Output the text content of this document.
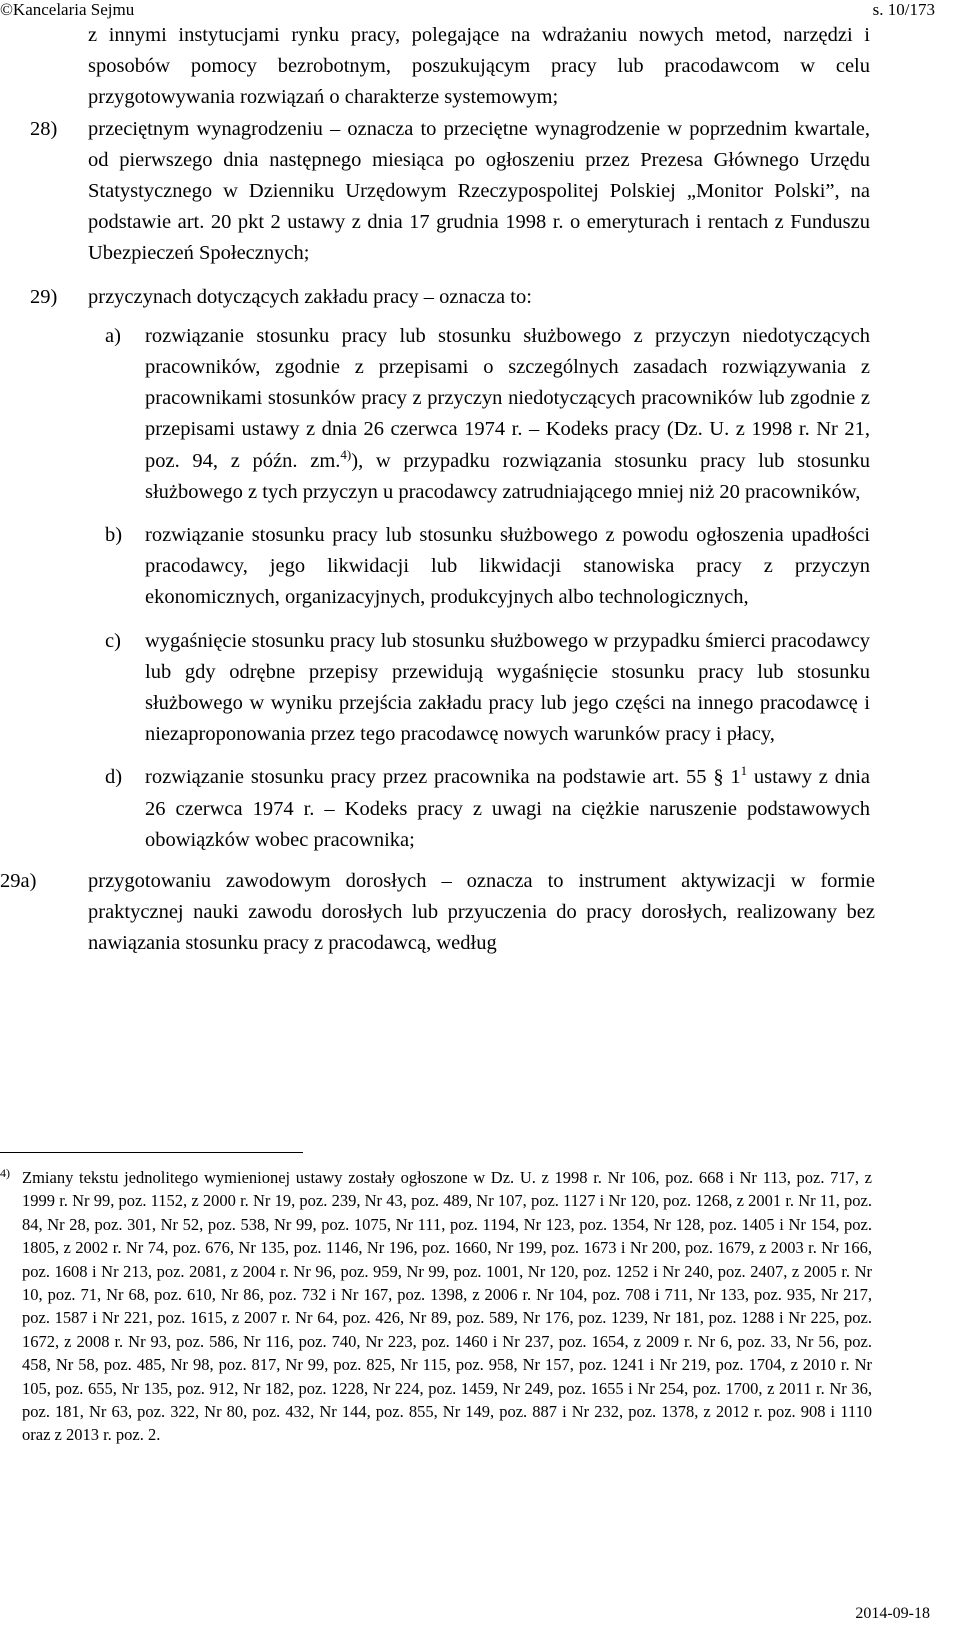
©Kancelaria Sejmu	s. 10/173
z innymi instytucjami rynku pracy, polegające na wdrażaniu nowych metod, narzędzi i sposobów pomocy bezrobotnym, poszukującym pracy lub pracodawcom w celu przygotowywania rozwiązań o charakterze systemowym;
28) przeciętnym wynagrodzeniu – oznacza to przeciętne wynagrodzenie w poprzednim kwartale, od pierwszego dnia następnego miesiąca po ogłoszeniu przez Prezesa Głównego Urzędu Statystycznego w Dzienniku Urzędowym Rzeczypospolitej Polskiej „Monitor Polski”, na podstawie art. 20 pkt 2 ustawy z dnia 17 grudnia 1998 r. o emeryturach i rentach z Funduszu Ubezpieczeń Społecznych;
29) przyczynach dotyczących zakładu pracy – oznacza to:
a) rozwiązanie stosunku pracy lub stosunku służbowego z przyczyn niedotyczących pracowników, zgodnie z przepisami o szczególnych zasadach rozwiązywania z pracownikami stosunków pracy z przyczyn niedotyczących pracowników lub zgodnie z przepisami ustawy z dnia 26 czerwca 1974 r. – Kodeks pracy (Dz. U. z 1998 r. Nr 21, poz. 94, z późn. zm.$^{4)}$), w przypadku rozwiązania stosunku pracy lub stosunku służbowego z tych przyczyn u pracodawcy zatrudniającego mniej niż 20 pracowników,
b) rozwiązanie stosunku pracy lub stosunku służbowego z powodu ogłoszenia upadłości pracodawcy, jego likwidacji lub likwidacji stanowiska pracy z przyczyn ekonomicznych, organizacyjnych, produkcyjnych albo technologicznych,
c) wygaśnięcie stosunku pracy lub stosunku służbowego w przypadku śmierci pracodawcy lub gdy odrębne przepisy przewidują wygaśnięcie stosunku pracy lub stosunku służbowego w wyniku przejścia zakładu pracy lub jego części na innego pracodawcę i niezaproponowania przez tego pracodawcę nowych warunków pracy i płacy,
d) rozwiązanie stosunku pracy przez pracownika na podstawie art. 55 § $1^1$ ustawy z dnia 26 czerwca 1974 r. – Kodeks pracy z uwagi na ciężkie naruszenie podstawowych obowiązków wobec pracownika;
29a)	przygotowaniu zawodowym dorosłych – oznacza to instrument aktywizacji w formie praktycznej nauki zawodu dorosłych lub przyuczenia do pracy dorosłych, realizowany bez nawiązania stosunku pracy z pracodawcą, według
4) Zmiany tekstu jednolitego wymienionej ustawy zostały ogłoszone w Dz. U. z 1998 r. Nr 106, poz. 668 i Nr 113, poz. 717, z 1999 r. Nr 99, poz. 1152, z 2000 r. Nr 19, poz. 239, Nr 43, poz. 489, Nr 107, poz. 1127 i Nr 120, poz. 1268, z 2001 r. Nr 11, poz. 84, Nr 28, poz. 301, Nr 52, poz. 538, Nr 99, poz. 1075, Nr 111, poz. 1194, Nr 123, poz. 1354, Nr 128, poz. 1405 i Nr 154, poz. 1805, z 2002 r. Nr 74, poz. 676, Nr 135, poz. 1146, Nr 196, poz. 1660, Nr 199, poz. 1673 i Nr 200, poz. 1679, z 2003 r. Nr 166, poz. 1608 i Nr 213, poz. 2081, z 2004 r. Nr 96, poz. 959, Nr 99, poz. 1001, Nr 120, poz. 1252 i Nr 240, poz. 2407, z 2005 r. Nr 10, poz. 71, Nr 68, poz. 610, Nr 86, poz. 732 i Nr 167, poz. 1398, z 2006 r. Nr 104, poz. 708 i 711, Nr 133, poz. 935, Nr 217, poz. 1587 i Nr 221, poz. 1615, z 2007 r. Nr 64, poz. 426, Nr 89, poz. 589, Nr 176, poz. 1239, Nr 181, poz. 1288 i Nr 225, poz. 1672, z 2008 r. Nr 93, poz. 586, Nr 116, poz. 740, Nr 223, poz. 1460 i Nr 237, poz. 1654, z 2009 r. Nr 6, poz. 33, Nr 56, poz. 458, Nr 58, poz. 485, Nr 98, poz. 817, Nr 99, poz. 825, Nr 115, poz. 958, Nr 157, poz. 1241 i Nr 219, poz. 1704, z 2010 r. Nr 105, poz. 655, Nr 135, poz. 912, Nr 182, poz. 1228, Nr 224, poz. 1459, Nr 249, poz. 1655 i Nr 254, poz. 1700, z 2011 r. Nr 36, poz. 181, Nr 63, poz. 322, Nr 80, poz. 432, Nr 144, poz. 855, Nr 149, poz. 887 i Nr 232, poz. 1378, z 2012 r. poz. 908 i 1110 oraz z 2013 r. poz. 2.
2014-09-18
